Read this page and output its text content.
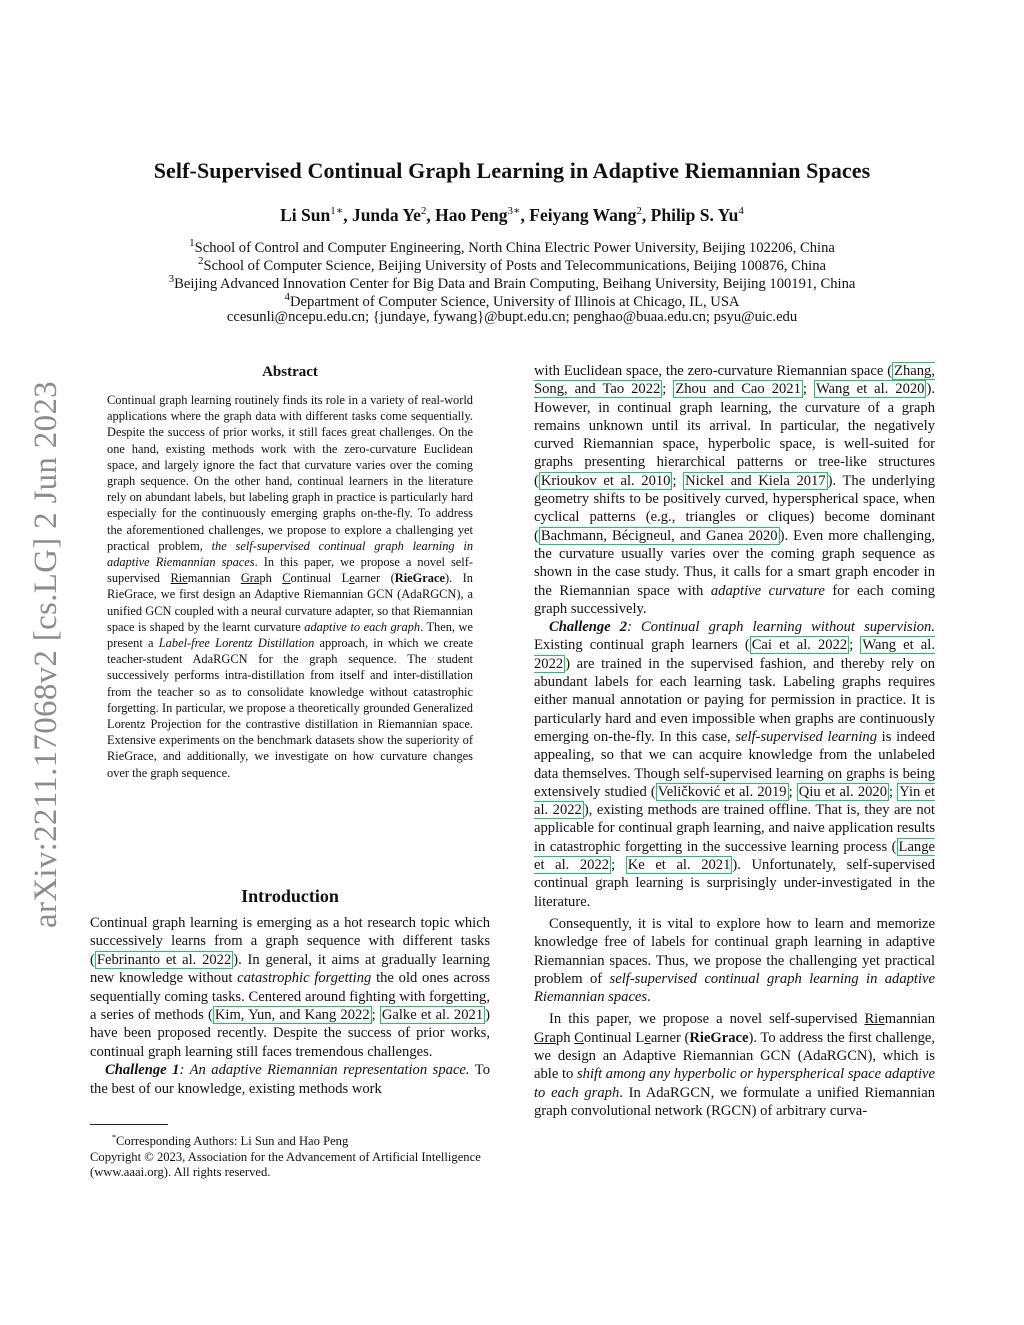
Self-Supervised Continual Graph Learning in Adaptive Riemannian Spaces
Li Sun$^{1∗}$, Junda Ye$^2$, Hao Peng$^{3∗}$, Feiyang Wang$^2$, Philip S. Yu$^4$
$^1$School of Control and Computer Engineering, North China Electric Power University, Beijing 102206, China
$^2$School of Computer Science, Beijing University of Posts and Telecommunications, Beijing 100876, China
$^3$Beijing Advanced Innovation Center for Big Data and Brain Computing, Beihang University, Beijing 100191, China
$^4$Department of Computer Science, University of Illinois at Chicago, IL, USA
ccesunli@ncepu.edu.cn; {jundaye, fywang}@bupt.edu.cn; penghao@buaa.edu.cn; psyu@uic.edu
arXiv:2211.17068v2 [cs.LG] 2 Jun 2023
Abstract

Continual graph learning routinely finds its role in a variety of real-world applications where the graph data with different tasks come sequentially. Despite the success of prior works, it still faces great challenges. On the one hand, existing methods work with the zero-curvature Euclidean space, and largely ignore the fact that curvature varies over the coming graph sequence. On the other hand, continual learners in the literature rely on abundant labels, but labeling graph in practice is particularly hard especially for the continuously emerging graphs on-the-fly. To address the aforementioned challenges, we propose to explore a challenging yet practical problem, the self-supervised continual graph learning in adaptive Riemannian spaces. In this paper, we propose a novel self-supervised Riemannian Graph Continual Learner (RieGrace). In RieGrace, we first design an Adaptive Riemannian GCN (AdaRGCN), a unified GCN coupled with a neural curvature adapter, so that Riemannian space is shaped by the learnt curvature adaptive to each graph. Then, we present a Label-free Lorentz Distillation approach, in which we create teacher-student AdaRGCN for the graph sequence. The student successively performs intra-distillation from itself and inter-distillation from the teacher so as to consolidate knowledge without catastrophic forgetting. In particular, we propose a theoretically grounded Generalized Lorentz Projection for the contrastive distillation in Riemannian space. Extensive experiments on the benchmark datasets show the superiority of RieGrace, and additionally, we investigate on how curvature changes over the graph sequence.

Introduction

Continual graph learning is emerging as a hot research topic which successively learns from a graph sequence with different tasks ( Febrinanto et al. 2022 ). In general, it aims at gradually learning new knowledge without catastrophic forgetting the old ones across sequentially coming tasks. Centered around fighting with forgetting, a series of methods ( Kim, Yun, and Kang 2022 ; Galke et al. 2021 ) have been proposed recently. Despite the success of prior works, continual graph learning still faces tremendous challenges.

Challenge 1: An adaptive Riemannian representation space. To the best of our knowledge, existing methods work

*Corresponding Authors: Li Sun and Hao Peng
Copyright © 2023, Association for the Advancement of Artificial Intelligence (www.aaai.org). All rights reserved.

with Euclidean space, the zero-curvature Riemannian space ( Zhang, Song, and Tao 2022 ; Zhou and Cao 2021 ; Wang et al. 2020 ). However, in continual graph learning, the curvature of a graph remains unknown until its arrival. In particular, the negatively curved Riemannian space, hyperbolic space, is well-suited for graphs presenting hierarchical patterns or tree-like structures ( Krioukov et al. 2010 ; Nickel and Kiela 2017 ). The underlying geometry shifts to be positively curved, hyperspherical space, when cyclical patterns (e.g., triangles or cliques) become dominant ( Bachmann, Bécigneul, and Ganea 2020 ). Even more challenging, the curvature usually varies over the coming graph sequence as shown in the case study. Thus, it calls for a smart graph encoder in the Riemannian space with adaptive curvature for each coming graph successively.

Challenge 2: Continual graph learning without supervision. Existing continual graph learners ( Cai et al. 2022 ; Wang et al. 2022 ) are trained in the supervised fashion, and thereby rely on abundant labels for each learning task. Labeling graphs requires either manual annotation or paying for permission in practice. It is particularly hard and even impossible when graphs are continuously emerging on-the-fly. In this case, self-supervised learning is indeed appealing, so that we can acquire knowledge from the unlabeled data themselves. Though self-supervised learning on graphs is being extensively studied ( Veličković et al. 2019 ; Qiu et al. 2020 ; Yin et al. 2022 ), existing methods are trained offline. That is, they are not applicable for continual graph learning, and naive application results in catastrophic forgetting in the successive learning process ( Lange et al. 2022 ; Ke et al. 2021 ). Unfortunately, self-supervised continual graph learning is surprisingly under-investigated in the literature.

Consequently, it is vital to explore how to learn and memorize knowledge free of labels for continual graph learning in adaptive Riemannian spaces. Thus, we propose the challenging yet practical problem of self-supervised continual graph learning in adaptive Riemannian spaces.

In this paper, we propose a novel self-supervised Riemannian Graph Continual Learner (RieGrace). To address the first challenge, we design an Adaptive Riemannian GCN (AdaRGCN), which is able to shift among any hyperbolic or hyperspherical space adaptive to each graph. In AdaRGCN, we formulate a unified Riemannian graph convolutional network (RGCN) of arbitrary curva-
